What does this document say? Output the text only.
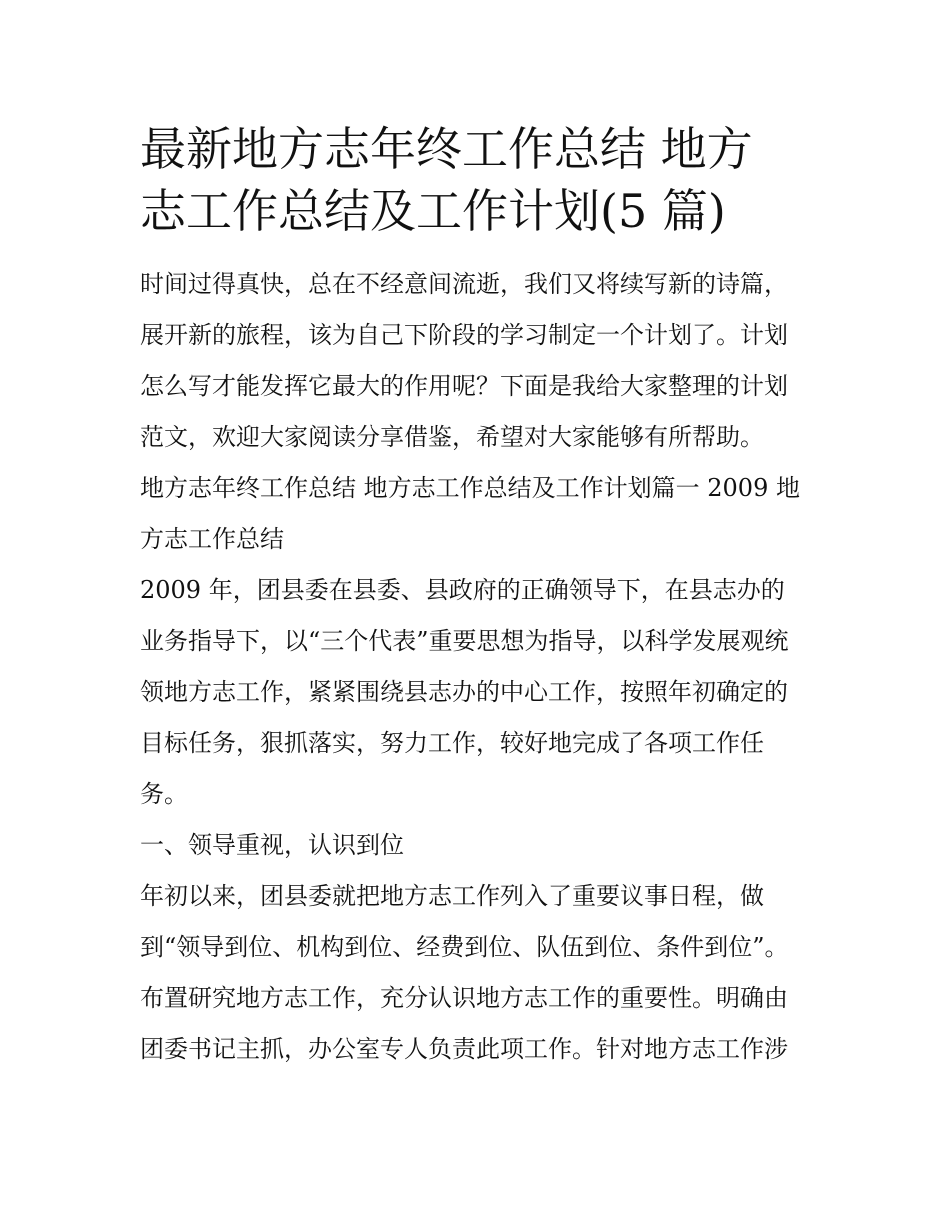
最新地方志年终工作总结 地方
志工作总结及工作计划(5 篇)

时间过得真快，总在不经意间流逝，我们又将续写新的诗篇，
展开新的旅程，该为自己下阶段的学习制定一个计划了。计划
怎么写才能发挥它最大的作用呢？下面是我给大家整理的计划
范文，欢迎大家阅读分享借鉴，希望对大家能够有所帮助。

地方志年终工作总结 地方志工作总结及工作计划篇一 2009 地
方志工作总结

2009 年，团县委在县委、县政府的正确领导下，在县志办的
业务指导下，以“三个代表”重要思想为指导，以科学发展观统
领地方志工作，紧紧围绕县志办的中心工作，按照年初确定的
目标任务，狠抓落实，努力工作，较好地完成了各项工作任
务。

一、领导重视，认识到位

年初以来，团县委就把地方志工作列入了重要议事日程，做
到“领导到位、机构到位、经费到位、队伍到位、条件到位”。
布置研究地方志工作，充分认识地方志工作的重要性。明确由
团委书记主抓，办公室专人负责此项工作。针对地方志工作涉
